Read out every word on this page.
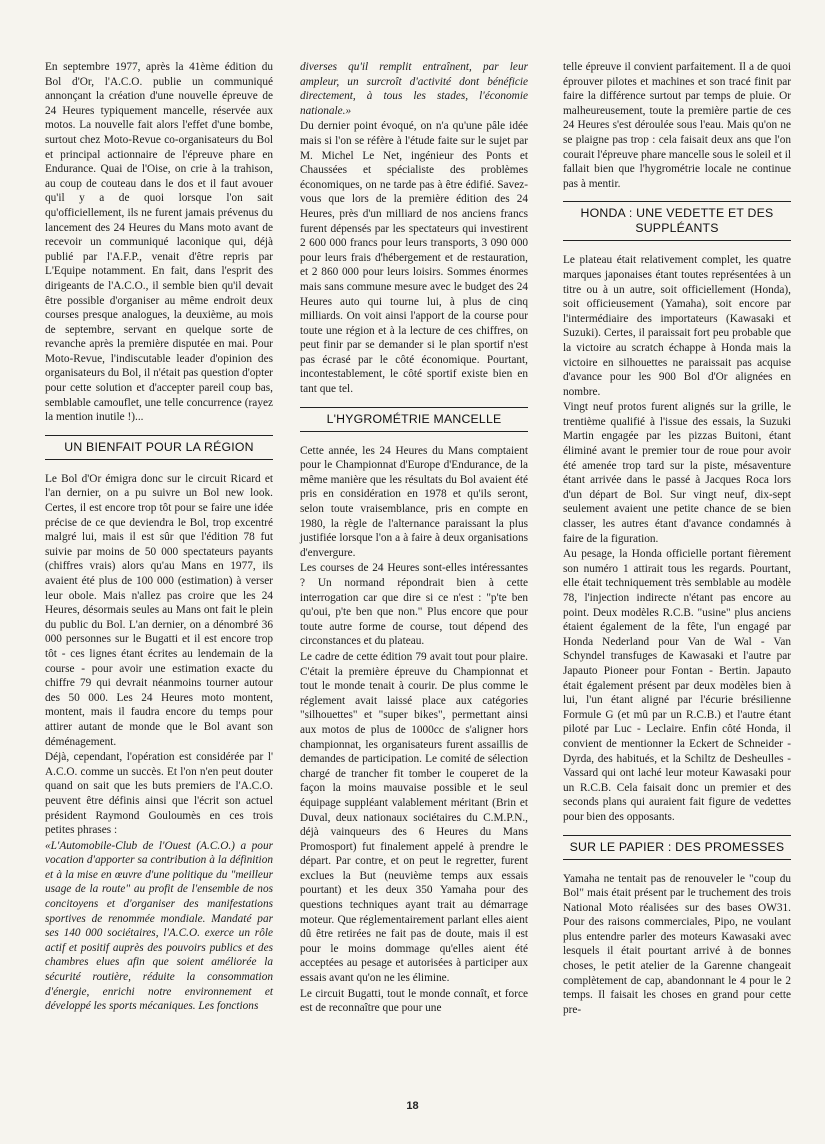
En septembre 1977, après la 41ème édition du Bol d'Or, l'A.C.O. publie un communiqué annonçant la création d'une nouvelle épreuve de 24 Heures typiquement mancelle, réservée aux motos. La nouvelle fait alors l'effet d'une bombe, surtout chez Moto-Revue co-organisateurs du Bol et principal actionnaire de l'épreuve phare en Endurance. Quai de l'Oise, on crie à la trahison, au coup de couteau dans le dos et il faut avouer qu'il y a de quoi lorsque l'on sait qu'officiellement, ils ne furent jamais prévenus du lancement des 24 Heures du Mans moto avant de recevoir un communiqué laconique qui, déjà publié par l'A.F.P., venait d'être repris par L'Equipe notamment. En fait, dans l'esprit des dirigeants de l'A.C.O., il semble bien qu'il devait être possible d'organiser au même endroit deux courses presque analogues, la deuxième, au mois de septembre, servant en quelque sorte de revanche après la première disputée en mai. Pour Moto-Revue, l'indiscutable leader d'opinion des organisateurs du Bol, il n'était pas question d'opter pour cette solution et d'accepter pareil coup bas, semblable camouflet, une telle concurrence (rayez la mention inutile !)...

UN BIENFAIT POUR LA RÉGION

Le Bol d'Or émigra donc sur le circuit Ricard et l'an dernier, on a pu suivre un Bol new look. Certes, il est encore trop tôt pour se faire une idée précise de ce que deviendra le Bol, trop excentré malgré lui, mais il est sûr que l'édition 78 fut suivie par moins de 50 000 spectateurs payants (chiffres vrais) alors qu'au Mans en 1977, ils avaient été plus de 100 000 (estimation) à verser leur obole. Mais n'allez pas croire que les 24 Heures, désormais seules au Mans ont fait le plein du public du Bol. L'an dernier, on a dénombré 36 000 personnes sur le Bugatti et il est encore trop tôt - ces lignes étant écrites au lendemain de la course - pour avoir une estimation exacte du chiffre 79 qui devrait néanmoins tourner autour des 50 000. Les 24 Heures moto montent, montent, mais il faudra encore du temps pour attirer autant de monde que le Bol avant son déménagement.

Déjà, cependant, l'opération est considérée par l' A.C.O. comme un succès. Et l'on n'en peut douter quand on sait que les buts premiers de l'A.C.O. peuvent être définis ainsi que l'écrit son actuel président Raymond Gouloumès en ces trois petites phrases :

«L'Automobile-Club de l'Ouest (A.C.O.) a pour vocation d'apporter sa contribution à la définition et à la mise en œuvre d'une politique du "meilleur usage de la route" au profit de l'ensemble de nos concitoyens et d'organiser des manifestations sportives de renommée mondiale. Mandaté par ses 140 000 sociétaires, l'A.C.O. exerce un rôle actif et positif auprès des pouvoirs publics et des chambres elues afin que soient améliorée la sécurité routière, réduite la consommation d'énergie, enrichi notre environnement et développé les sports mécaniques. Les fonctions

diverses qu'il remplit entraînent, par leur ampleur, un surcroît d'activité dont bénéficie directement, à tous les stades, l'économie nationale.»

Du dernier point évoqué, on n'a qu'une pâle idée mais si l'on se réfère à l'étude faite sur le sujet par M. Michel Le Net, ingénieur des Ponts et Chaussées et spécialiste des problèmes économiques, on ne tarde pas à être édifié. Savez-vous que lors de la première édition des 24 Heures, près d'un milliard de nos anciens francs furent dépensés par les spectateurs qui investirent 2 600 000 francs pour leurs transports, 3 090 000 pour leurs frais d'hébergement et de restauration, et 2 860 000 pour leurs loisirs. Sommes énormes mais sans commune mesure avec le budget des 24 Heures auto qui tourne lui, à plus de cinq milliards. On voit ainsi l'apport de la course pour toute une région et à la lecture de ces chiffres, on peut finir par se demander si le plan sportif n'est pas écrasé par le côté économique. Pourtant, incontestablement, le côté sportif existe bien en tant que tel.

L'HYGROMÉTRIE MANCELLE

Cette année, les 24 Heures du Mans comptaient pour le Championnat d'Europe d'Endurance, de la même manière que les résultats du Bol avaient été pris en considération en 1978 et qu'ils seront, selon toute vraisemblance, pris en compte en 1980, la règle de l'alternance paraissant la plus justifiée lorsque l'on a à faire à deux organisations d'envergure.

Les courses de 24 Heures sont-elles intéressantes ? Un normand répondrait bien à cette interrogation car que dire si ce n'est : "p'te ben qu'oui, p'te ben que non." Plus encore que pour toute autre forme de course, tout dépend des circonstances et du plateau.

Le cadre de cette édition 79 avait tout pour plaire. C'était la première épreuve du Championnat et tout le monde tenait à courir. De plus comme le réglement avait laissé place aux catégories "silhouettes" et "super bikes", permettant ainsi aux motos de plus de 1000cc de s'aligner hors championnat, les organisateurs furent assaillis de demandes de participation. Le comité de sélection chargé de trancher fit tomber le couperet de la façon la moins mauvaise possible et le seul équipage suppléant valablement méritant (Brin et Duval, deux nationaux sociétaires du C.M.P.N., déjà vainqueurs des 6 Heures du Mans Promosport) fut finalement appelé à prendre le départ. Par contre, et on peut le regretter, furent exclues la But (neuvième temps aux essais pourtant) et les deux 350 Yamaha pour des questions techniques ayant trait au démarrage moteur. Que réglementairement parlant elles aient dû être retirées ne fait pas de doute, mais il est pour le moins dommage qu'elles aient été acceptées au pesage et autorisées à participer aux essais avant qu'on ne les élimine.

Le circuit Bugatti, tout le monde connaît, et force est de reconnaître que pour une

telle épreuve il convient parfaitement. Il a de quoi éprouver pilotes et machines et son tracé finit par faire la différence surtout par temps de pluie. Or malheureusement, toute la première partie de ces 24 Heures s'est déroulée sous l'eau. Mais qu'on ne se plaigne pas trop : cela faisait deux ans que l'on courait l'épreuve phare mancelle sous le soleil et il fallait bien que l'hygrométrie locale ne continue pas à mentir.

HONDA : UNE VEDETTE ET DES SUPPLÉANTS

Le plateau était relativement complet, les quatre marques japonaises étant toutes représentées à un titre ou à un autre, soit officiellement (Honda), soit officieusement (Yamaha), soit encore par l'intermédiaire des importateurs (Kawasaki et Suzuki). Certes, il paraissait fort peu probable que la victoire au scratch échappe à Honda mais la victoire en silhouettes ne paraissait pas acquise d'avance pour les 900 Bol d'Or alignées en nombre.

Vingt neuf protos furent alignés sur la grille, le trentième qualifié à l'issue des essais, la Suzuki Martin engagée par les pizzas Buitoni, étant éliminé avant le premier tour de roue pour avoir été amenée trop tard sur la piste, mésaventure étant arrivée dans le passé à Jacques Roca lors d'un départ de Bol. Sur vingt neuf, dix-sept seulement avaient une petite chance de se bien classer, les autres étant d'avance condamnés à faire de la figuration.

Au pesage, la Honda officielle portant fièrement son numéro 1 attirait tous les regards. Pourtant, elle était techniquement très semblable au modèle 78, l'injection indirecte n'étant pas encore au point. Deux modèles R.C.B. "usine" plus anciens étaient également de la fête, l'un engagé par Honda Nederland pour Van de Wal - Van Schyndel transfuges de Kawasaki et l'autre par Japauto Pioneer pour Fontan - Bertin. Japauto était également présent par deux modèles bien à lui, l'un étant aligné par l'écurie brésilienne Formule G (et mû par un R.C.B.) et l'autre étant piloté par Luc - Leclaire. Enfin côté Honda, il convient de mentionner la Eckert de Schneider - Dyrda, des habitués, et la Schiltz de Desheulles - Vassard qui ont laché leur moteur Kawasaki pour un R.C.B. Cela faisait donc un premier et des seconds plans qui auraient fait figure de vedettes pour bien des opposants.

SUR LE PAPIER : DES PROMESSES

Yamaha ne tentait pas de renouveler le "coup du Bol" mais était présent par le truchement des trois National Moto réalisées sur des bases OW31. Pour des raisons commerciales, Pipo, ne voulant plus entendre parler des moteurs Kawasaki avec lesquels il était pourtant arrivé à de bonnes choses, le petit atelier de la Garenne changeait complètement de cap, abandonnant le 4 pour le 2 temps. Il faisait les choses en grand pour cette pre-

18
